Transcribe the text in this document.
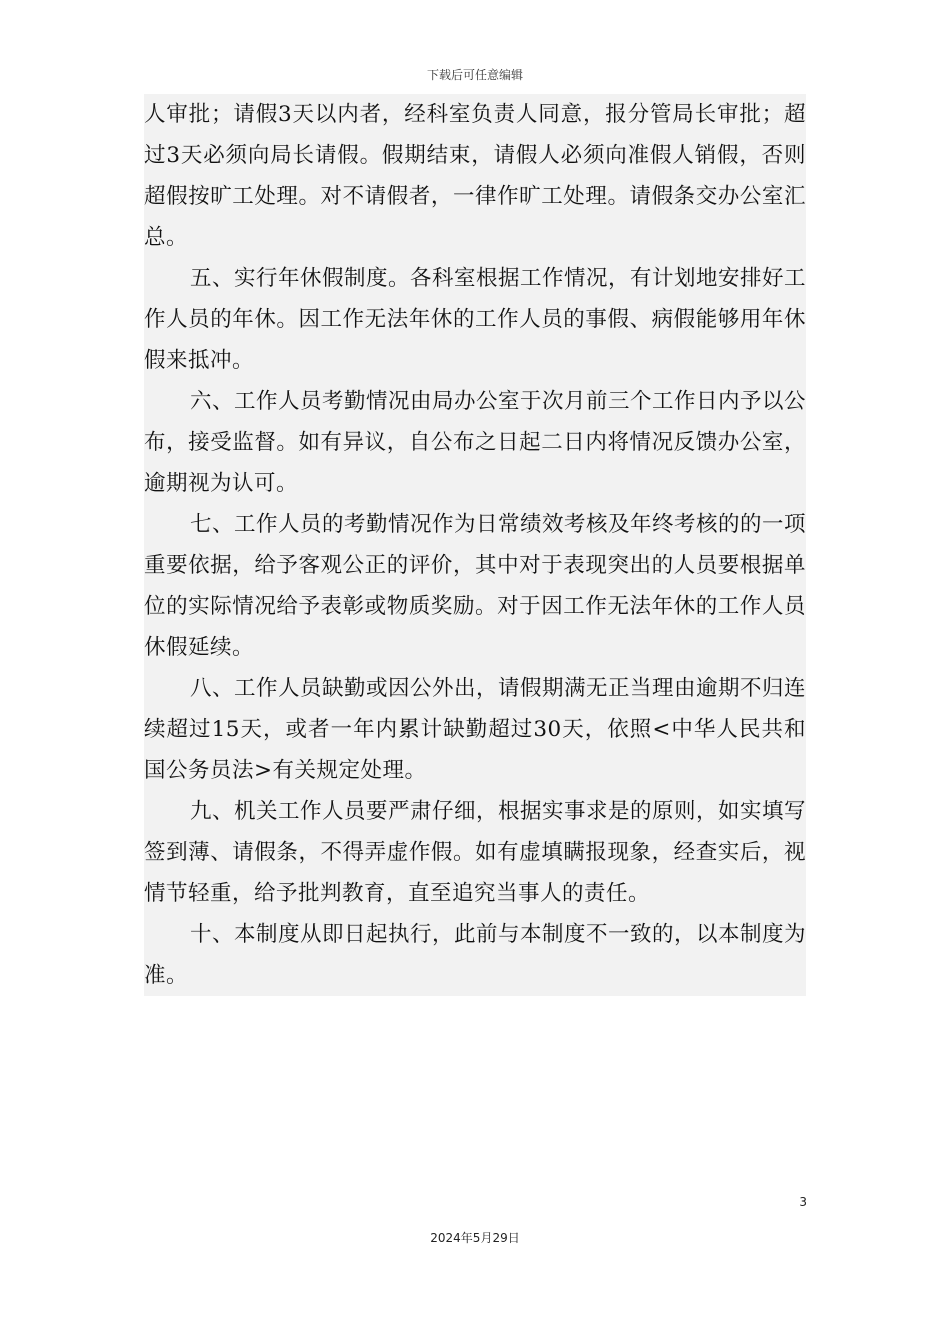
下载后可任意编辑

人审批；请假3天以内者，经科室负责人同意，报分管局长审批；超过3天必须向局长请假。假期结束，请假人必须向准假人销假，否则超假按旷工处理。对不请假者，一律作旷工处理。请假条交办公室汇总。

五、实行年休假制度。各科室根据工作情况，有计划地安排好工作人员的年休。因工作无法年休的工作人员的事假、病假能够用年休假来抵冲。

六、工作人员考勤情况由局办公室于次月前三个工作日内予以公布，接受监督。如有异议，自公布之日起二日内将情况反馈办公室，逾期视为认可。

七、工作人员的考勤情况作为日常绩效考核及年终考核的的一项重要依据，给予客观公正的评价，其中对于表现突出的人员要根据单位的实际情况给予表彰或物质奖励。对于因工作无法年休的工作人员休假延续。

八、工作人员缺勤或因公外出，请假期满无正当理由逾期不归连续超过15天，或者一年内累计缺勤超过30天，依照<中华人民共和国公务员法>有关规定处理。

九、机关工作人员要严肃仔细，根据实事求是的原则，如实填写签到薄、请假条，不得弄虚作假。如有虚填瞒报现象，经查实后，视情节轻重，给予批判教育，直至追究当事人的责任。

十、本制度从即日起执行，此前与本制度不一致的，以本制度为准。

3
2024年5月29日
